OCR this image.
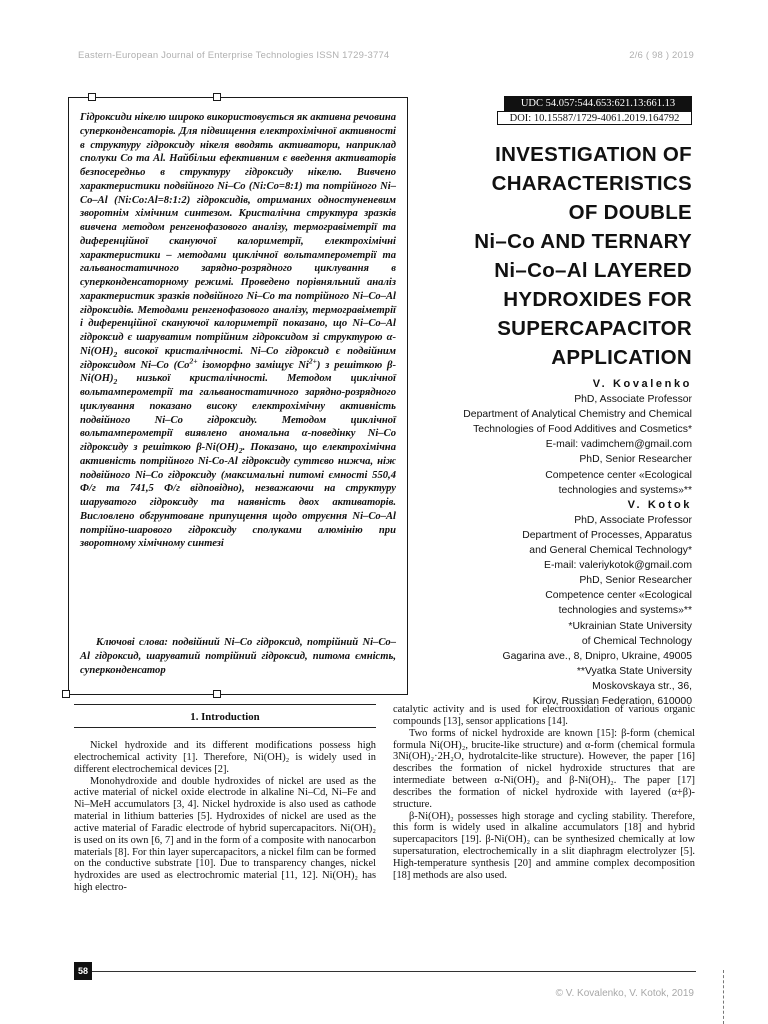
Eastern-European Journal of Enterprise Technologies ISSN 1729-3774	2/6 ( 98 ) 2019

Гідроксиди нікелю широко використовується як активна речовина суперконденсаторів. Для підвищення електрохімічної активності в структуру гідроксиду нікеля вводять активатори, наприклад сполуки Co та Al. Найбільш ефективним є введення активаторів безпосередньо в структуру гідроксиду нікелю. Вивчено характеристики подвійного Ni–Co (Ni:Co=8:1) та потрійного Ni–Co–Al (Ni:Co:Al=8:1:2) гідроксидів, отриманих одностуненевим зворотнім хімічним синтезом. Кристалічна структура зразків вивчена методом ренгенофазового аналізу, термогравіметрії та диференційної скануючої калориметрії, електрохімічні характеристики – методами циклічної вольтамперометрії та гальваностатичного зарядно-розрядного циклування в суперконденсаторному режимі. Проведено порівняльний аналіз характеристик зразків подвійного Ni–Co та потрійного Ni–Co–Al гідроксидів. Методами ренгенофазового аналізу, термогравіметрії і диференційної скануючої калориметрії показано, що Ni–Co–Al гідроксид є шаруватим потрійним гідроксидом зі структурою $\alpha-Ni(OH)_2$ високої кристалічності. Ni–Co гідроксид є подвійним гідроксидом Ni–Co ($Co^{2+}$ ізоморфно заміщує $Ni^{2+}$) з решіткою $\beta-Ni(OH)_2$ низької кристалічності. Методом циклічної вольтамперометрії та гальваностатичного зарядно-розрядного циклування показано високу електрохімічну активність подвійного Ni–Co гідроксиду. Методом циклічної вольтамперометрії виявлено аномальна α-поведінку Ni–Co гідроксиду з решіткою $\beta-Ni(OH)_2$. Показано, що електрохімічна активність потрійного Ni-Co-Al гідроксиду суттєво нижча, ніж подвійного Ni–Co гідроксиду (максимальні питомі ємності 550,4 Ф/г та 741,5 Ф/г відповідно), незважаючи на структуру шаруватого гідроксиду та наявність двох активаторів. Висловлено обгрунтоване припущення щодо отруєння Ni–Co–Al потрійно-шарового гідроксиду сполуками алюмінію при зворотному хімічному синтезі

Ключові слова: подвійний Ni–Co гідроксид, потрійний Ni–Co–Al гідроксид, шаруватий потрійний гідроксид, питома ємність, суперконденсатор

UDC 54.057:544.653:621.13:661.13
DOI: 10.15587/1729-4061.2019.164792
INVESTIGATION OF
CHARACTERISTICS
OF DOUBLE
Ni–Co AND TERNARY
Ni–Co–Al LAYERED
HYDROXIDES FOR
SUPERCAPACITOR
APPLICATION
V. Kovalenko
PhD, Associate Professor
Department of Analytical Chemistry and Chemical
Technologies of Food Additives and Cosmetics*
E-mail: vadimchem@gmail.com
PhD, Senior Researcher
Competence center «Ecological
technologies and systems»**
V. Kotok
PhD, Associate Professor
Department of Processes, Apparatus
and General Chemical Technology*
E-mail: valeriykotok@gmail.com
PhD, Senior Researcher
Competence center «Ecological
technologies and systems»**
*Ukrainian State University
of Chemical Technology
Gagarina ave., 8, Dnipro, Ukraine, 49005
**Vyatka State University
Moskovskaya str., 36,
Kirov, Russian Federation, 610000
1. Introduction

Nickel hydroxide and its different modifications possess high electrochemical activity [1]. Therefore, Ni(OH)₂ is widely used in different electrochemical devices [2].

Monohydroxide and double hydroxides of nickel are used as the active material of nickel oxide electrode in alkaline Ni–Cd, Ni–Fe and Ni–MeH accumulators [3, 4]. Nickel hydroxide is also used as cathode material in lithium batteries [5]. Hydroxides of nickel are used as the active material of Faradic electrode of hybrid supercapacitors. Ni(OH)₂ is used on its own [6, 7] and in the form of a composite with nanocarbon materials [8]. For thin layer supercapacitors, a nickel film can be formed on the conductive substrate [10]. Due to transparency changes, nickel hydroxides are used as electrochromic material [11, 12]. Ni(OH)₂ has high electro-

catalytic activity and is used for electrooxidation of various organic compounds [13], sensor applications [14].

Two forms of nickel hydroxide are known [15]: β-form (chemical formula Ni(OH)₂, brucite-like structure) and α-form (chemical formula 3Ni(OH)₂·2H₂O, hydrotalcite-like structure). However, the paper [16] describes the formation of nickel hydroxide structures that are intermediate between α-Ni(OH)₂ and β-Ni(OH)₂. The paper [17] describes the formation of nickel hydroxide with layered (α+β)-structure.

β-Ni(OH)₂ possesses high storage and cycling stability. Therefore, this form is widely used in alkaline accumulators [18] and hybrid supercapacitors [19]. β-Ni(OH)₂ can be synthesized chemically at low supersaturation, electrochemically in a slit diaphragm electrolyzer [5]. High-temperature synthesis [20] and ammine complex decomposition [18] methods are also used.

58
© V. Kovalenko, V. Kotok, 2019
